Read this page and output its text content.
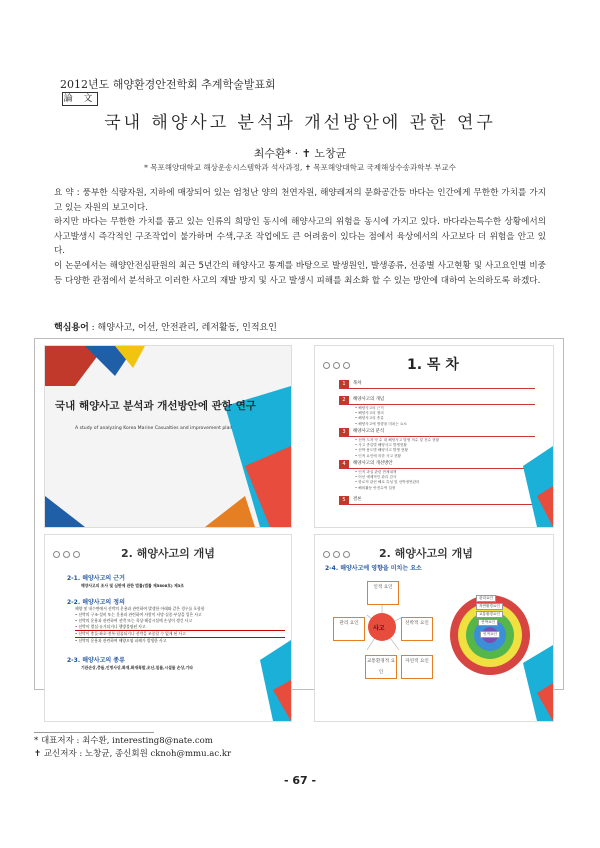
2012년도 해양환경안전학회 추계학술발표회
論 文
국내 해양사고 분석과 개선방안에 관한 연구
최수환* · ✝ 노창균
* 목포해양대학교 해상운송시스템학과 석사과정, ✝ 목포해양대학교 국제해상수송과학부 부교수

요 약 : 풍부한 식량자원, 지하에 매장되어 있는 엄청난 양의 천연자원, 해양레저의 문화공간등 바다는 인간에게 무한한 가치를 가지고 있는 자원의 보고이다.

하지만 바다는 무한한 가치를 품고 있는 인류의 희망인 동시에 해양사고의 위험을 동시에 가지고 있다. 바다라는특수한 상황에서의 사고발생시 즉각적인 구조작업이 불가하며 수색,구조 작업에도 큰 어려움이 있다는 점에서 육상에서의 사고보다 더 위험을 안고 있다.

이 논문에서는 해양안전심판원의 최근 5년간의 해양사고 통계를 바탕으로 발생원인, 발생종류, 선종별 사고현황 및 사고요인별 비중등 다양한 관점에서 분석하고 이러한 사고의 재발 방지 및 사고 발생시 피해를 최소화 할 수 있는 방안에 대하여 논의하도록 하겠다.

핵심용어 : 해양사고, 어선, 안전관리, 레저활동, 인적요인
국내 해양사고 분석과 개선방안에 관한 연구
A study of analyzing Korea Marine Casualties and improvement plan
1. 목 차
1	목차
2	해양사고의 개념
• 해양사고의 근거
• 해양사고의 정의
• 해양사고의 종류
• 해양사고에 영향을 미치는 요소
3	해양사고의 분석
• 선박 도착 약 수 대 해양사고 발생 척수 및 건수 현황
• 사고 종류별 해양사고 발생현황
• 선박 용도별 해양사고 발생 현황
• 인적 요인에 의한 사고 현황
4	해양사고의 개선방안
• 인적 과실 관련 면제대책
• 어선 예제적인 관리 감사
• 항로적 관선 해로 특성 및 선박정연관리
• 해외활동 안전수역 설정
5	결론
2. 해양사고의 개념
2-1. 해양사고의 근거
해양사고의 조사 및 심판에 관한 법률(법률 제5808호) 제3조
2-2. 해양사고의 정의
해양 및 내수면에서 선박의 운용과 관련하여 발생한 아래와 같은 경우를 포함함
• 선박의 구조·설비 또는 운용과 관련하여 사람이 사망·실종·부상을 입은 사고
• 선박의 운용과 관련하여 선박 또는 육상·해상시설에 손상이 생긴 사고
• 선박이 멸실·유기되거나 행방불명된 사고
• 선박이 충돌·좌초·전복·침몰되거나 선박을 조종할 수 없게 된 사고
• 선박의 운용과 관련하여 해양오염 피해가 발생한 사고
2-3. 해양사고의 종류
기관손상,충돌,인명사상,화재,화재폭발,조난,침몰,시설물 손상,기타
2. 해양사고의 개념
2-4. 해양사고에 영향을 미치는 요소
사고
인적 요인
선박적 요인
자연적 요인
교통환경적 요인
관리 요인
관리요인
자연환경요인
교통환경요인
선박요인
인적요인
* 대표저자 : 최수환, interesting8@nate.com
✝ 교신저자 : 노창균, 종신회원 cknoh@mmu.ac.kr
- 67 -
